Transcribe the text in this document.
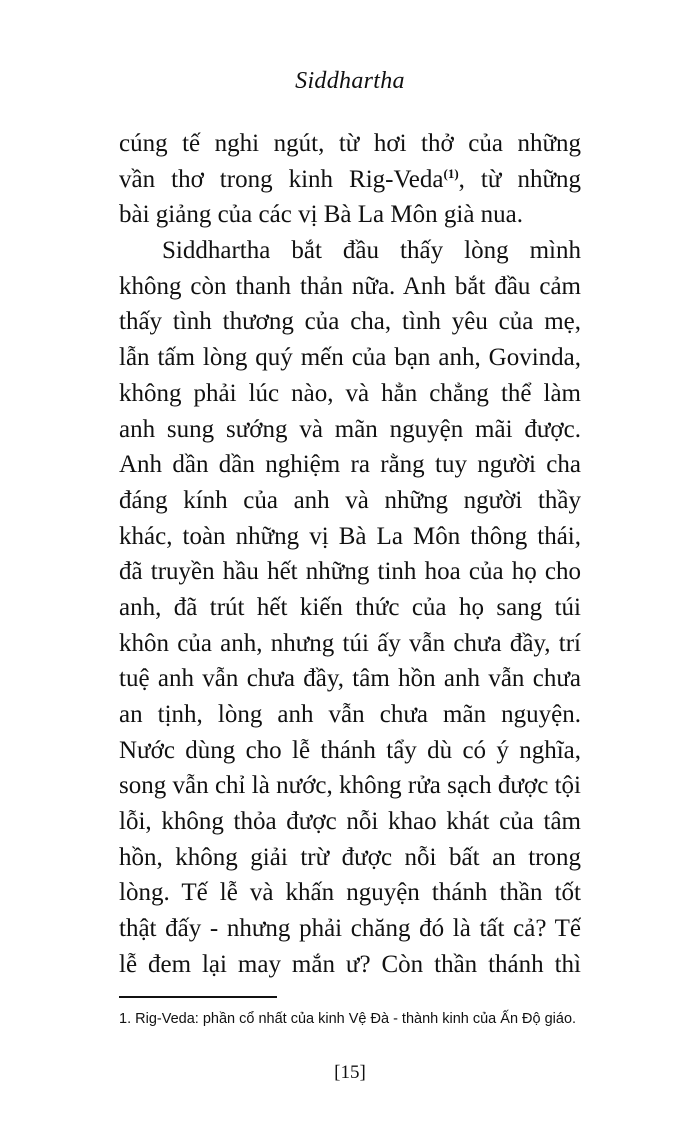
Siddhartha
cúng tế nghi ngút, từ hơi thở của những
vần thơ trong kinh Rig-Veda$^{(1)}$, từ những
bài giảng của các vị Bà La Môn già nua.
Siddhartha bắt đầu thấy lòng mình
không còn thanh thản nữa. Anh bắt đầu cảm
thấy tình thương của cha, tình yêu của mẹ,
lẫn tấm lòng quý mến của bạn anh, Govinda,
không phải lúc nào, và hẳn chẳng thể làm
anh sung sướng và mãn nguyện mãi được.
Anh dần dần nghiệm ra rằng tuy người cha
đáng kính của anh và những người thầy
khác, toàn những vị Bà La Môn thông thái,
đã truyền hầu hết những tinh hoa của họ cho
anh, đã trút hết kiến thức của họ sang túi
khôn của anh, nhưng túi ấy vẫn chưa đầy, trí
tuệ anh vẫn chưa đầy, tâm hồn anh vẫn chưa
an tịnh, lòng anh vẫn chưa mãn nguyện.
Nước dùng cho lễ thánh tẩy dù có ý nghĩa,
song vẫn chỉ là nước, không rửa sạch được tội
lỗi, không thỏa được nỗi khao khát của tâm
hồn, không giải trừ được nỗi bất an trong
lòng. Tế lễ và khấn nguyện thánh thần tốt
thật đấy - nhưng phải chăng đó là tất cả? Tế
lễ đem lại may mắn ư? Còn thần thánh thì
1. Rig-Veda: phần cổ nhất của kinh Vệ Đà - thành kinh của Ấn Độ giáo.
[15]
